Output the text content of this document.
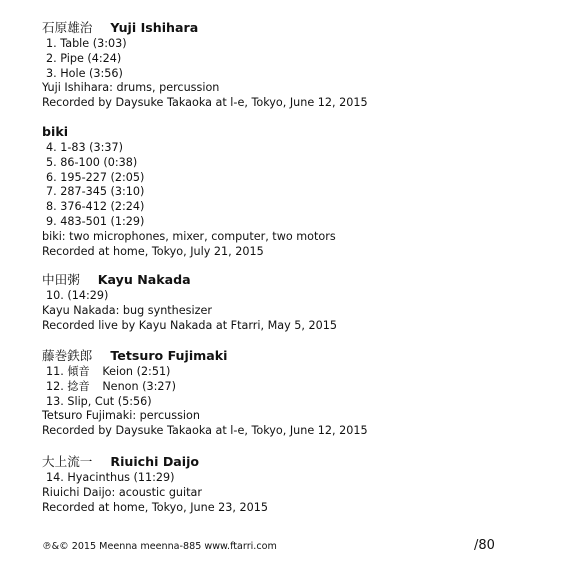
石原雄治 Yuji Ishihara
1. Table (3:03)
2. Pipe (4:24)
3. Hole (3:56)
Yuji Ishihara: drums, percussion
Recorded by Daysuke Takaoka at l-e, Tokyo, June 12, 2015
biki
4. 1-83 (3:37)
5. 86-100 (0:38)
6. 195-227 (2:05)
7. 287-345 (3:10)
8. 376-412 (2:24)
9. 483-501 (1:29)
biki: two microphones, mixer, computer, two motors
Recorded at home, Tokyo, July 21, 2015
中田粥 Kayu Nakada
10. (14:29)
Kayu Nakada: bug synthesizer
Recorded live by Kayu Nakada at Ftarri, May 5, 2015
藤巻鉄郎 Tetsuro Fujimaki
11. 傾音 Keion (2:51)
12. 捻音 Nenon (3:27)
13. Slip, Cut (5:56)
Tetsuro Fujimaki: percussion
Recorded by Daysuke Takaoka at l-e, Tokyo, June 12, 2015
大上流一 Riuichi Daijo
14. Hyacinthus (11:29)
Riuichi Daijo: acoustic guitar
Recorded at home, Tokyo, June 23, 2015
℗&© 2015 Meenna meenna-885 www.ftarri.com	/80
